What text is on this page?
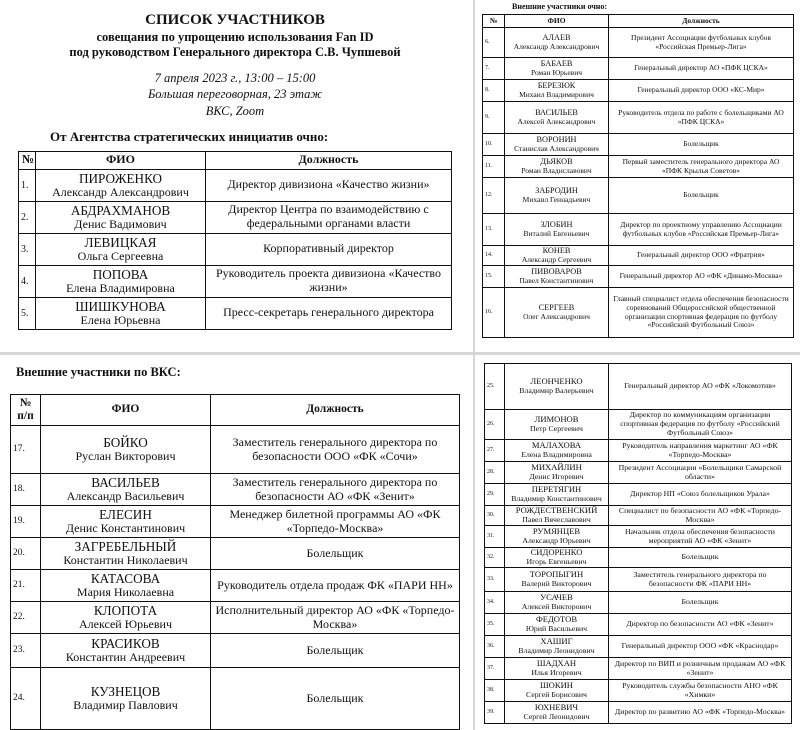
СПИСОК УЧАСТНИКОВ

совещания по упрощению использования Fan ID

под руководством Генерального директора С.В. Чупшевой

7 апреля 2023 г., 13:00 – 15:00

Большая переговорная, 23 этаж

ВКС, Zoom

От Агентства стратегических инициатив очно:

№	ФИО	Должность
1.	ПИРОЖЕНКО
Александр Александрович	Директор дивизиона «Качество жизни»
2.	АБДРАХМАНОВ
Денис Вадимович	Директор Центра по взаимодействию с федеральными органами власти
3.	ЛЕВИЦКАЯ
Ольга Сергеевна	Корпоративный директор
4.	ПОПОВА
Елена Владимировна	Руководитель проекта дивизиона «Качество жизни»
5.	ШИШКУНОВА
Елена Юрьевна	Пресс-секретарь генерального директора

Внешние участники очно:

№	ФИО	Должность
6.	АЛАЕВ
Александр Александрович	Президент Ассоциации футбольных клубов «Российская Премьер-Лига»
7.	БАБАЕВ
Роман Юрьевич	Генеральный директор АО «ПФК ЦСКА»
8.	БЕРЕЗЮК
Михаил Владимирович	Генеральный директор ООО «КС-Мир»
9.	ВАСИЛЬЕВ
Алексей Александрович	Руководитель отдела по работе с болельщиками АО «ПФК ЦСКА»
10.	ВОРОНИН
Станислав Александрович	Болельщик
11.	ДЬЯКОВ
Роман Владиславович	Первый заместитель генерального директора АО «ПФК Крылья Советов»
12.	ЗАБРОДИН
Михаил Геннадьевич	Болельщик
13.	ЗЛОБИН
Виталий Евгеньевич	Директор по проектному управлению Ассоциации футбольных клубов «Российская Премьер-Лига»
14.	КОНЕВ
Александр Сергеевич	Генеральный директор ООО «Фратрия»
15.	ПИВОВАРОВ
Павел Константинович	Генеральный директор АО «ФК «Динамо-Москва»
16.	СЕРГЕЕВ
Олег Александрович	Главный специалист отдела обеспечения безопасности соревнований Общероссийской общественной организации спортивная федерация по футболу «Российский Футбольный Союз»

Внешние участники по ВКС:

№ п/п	ФИО	Должность
17.	БОЙКО
Руслан Викторович	Заместитель генерального директора по безопасности ООО «ФК «Сочи»
18.	ВАСИЛЬЕВ
Александр Васильевич	Заместитель генерального директора по безопасности АО «ФК «Зенит»
19.	ЕЛЕСИН
Денис Константинович	Менеджер билетной программы АО «ФК «Торпедо-Москва»
20.	ЗАГРЕБЕЛЬНЫЙ
Константин Николаевич	Болельщик
21.	КАТАСОВА
Мария Николаевна	Руководитель отдела продаж ФК «ПАРИ НН»
22.	КЛОПОТА
Алексей Юрьевич	Исполнительный директор АО «ФК «Торпедо-Москва»
23.	КРАСИКОВ
Константин Андреевич	Болельщик
24.	КУЗНЕЦОВ
Владимир Павлович	Болельщик
25.	ЛЕОНЧЕНКО
Владимир Валерьевич	Генеральный директор АО «ФК «Локомотив»
26.	ЛИМОНОВ
Петр Сергеевич	Директор по коммуникациям организации спортивная федерация по футболу «Российский Футбольный Союз»
27.	МАЛАХОВА
Елена Владимировна	Руководитель направления маркетинг АО «ФК «Торпедо-Москва»
28.	МИХАЙЛИН
Денис Игоревич	Президент Ассоциации «Болельщики Самарской области»
29.	ПЕРЕТЯГИН
Владимир Константинович	Директор НП «Союз болельщиков Урала»
30.	РОЖДЕСТВЕНСКИЙ
Павел Вячеславович	Специалист по безопасности АО «ФК «Торпедо-Москва»
31.	РУМЯНЦЕВ
Александр Юрьевич	Начальник отдела обеспечения безопасности мероприятий АО «ФК «Зенит»
32.	СИДОРЕНКО
Игорь Евгеньевич	Болельщик
33.	ТОРОПЫГИН
Валерий Викторович	Заместитель генерального директора по безопасности ФК «ПАРИ НН»
34.	УСАЧЕВ
Алексей Викторович	Болельщик
35.	ФЕДОТОВ
Юрий Васильевич	Директор по безопасности АО «ФК «Зенит»
36.	ХАШИГ
Владимир Леонидович	Генеральный директор ООО «ФК «Краснодар»
37.	ШАДХАН
Илья Игоревич	Директор по ВИП и розничным продажам АО «ФК «Зенит»
38.	ШОКИН
Сергей Борисович	Руководитель службы безопасности АНО «ФК «Химки»
39.	ЮХНЕВИЧ
Сергей Леонидович	Директор по развитию АО «ФК «Торпедо-Москва»
